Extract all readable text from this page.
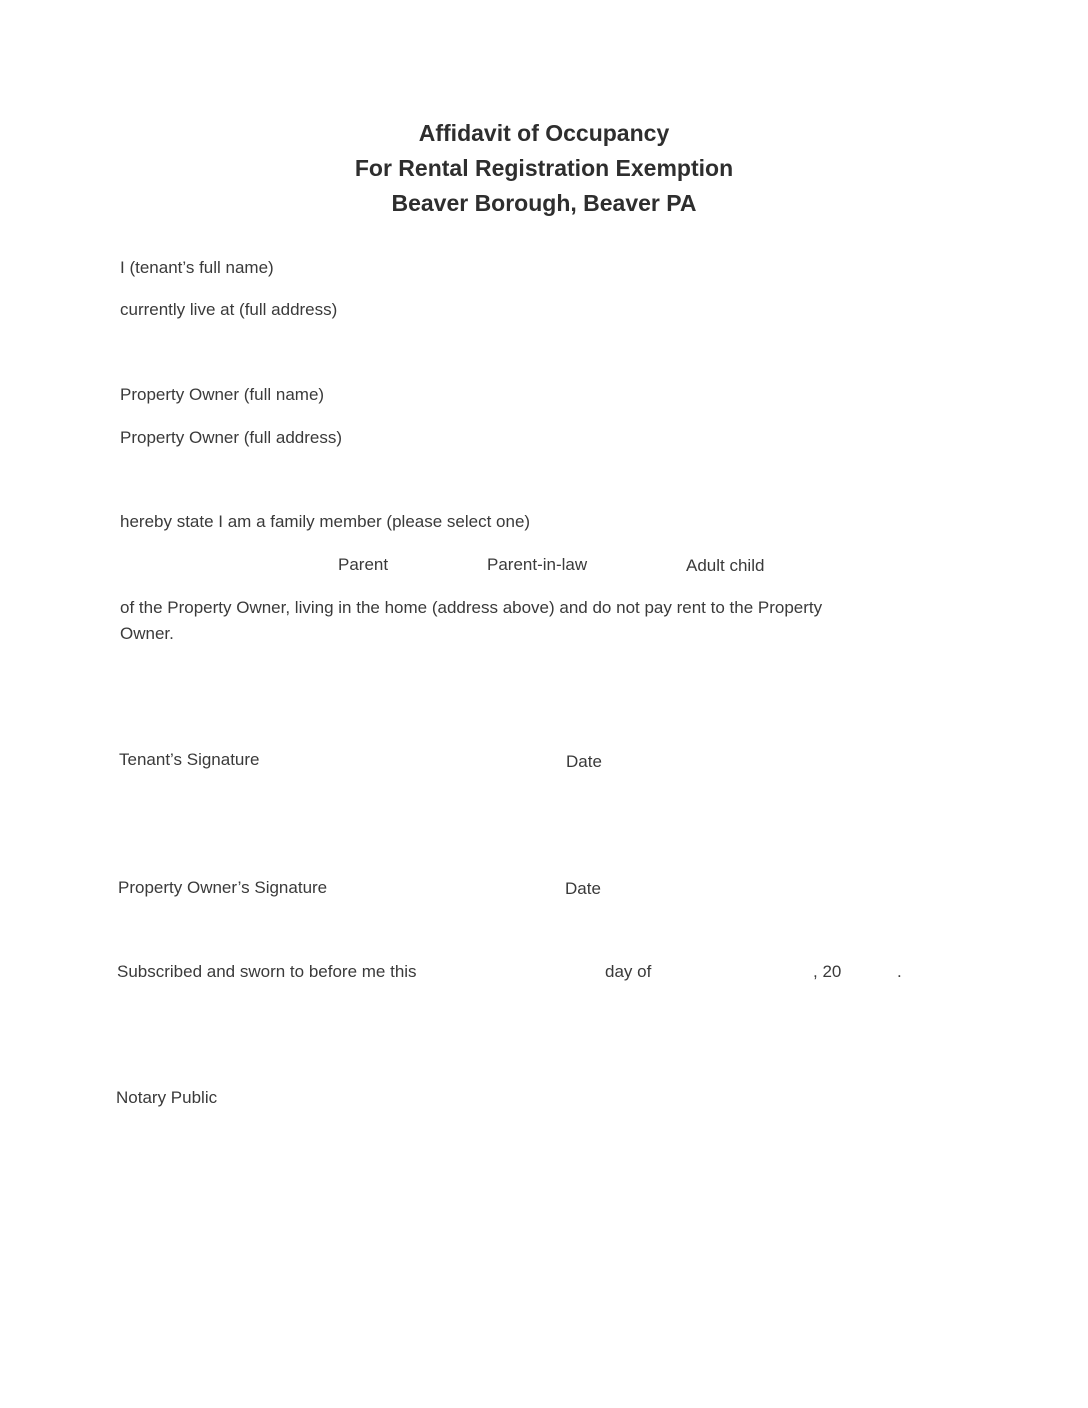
Affidavit of Occupancy
For Rental Registration Exemption
Beaver Borough, Beaver PA
I (tenant’s full name)
currently live at (full address)
Property Owner (full name)
Property Owner (full address)
hereby state I am a family member (please select one)
Parent	Parent-in-law	Adult child
of the Property Owner, living in the home (address above) and do not pay rent to the Property
Owner.
Tenant’s Signature	Date
Property Owner’s Signature	Date
Subscribed and sworn to before me this	day of	, 20	.
Notary Public
